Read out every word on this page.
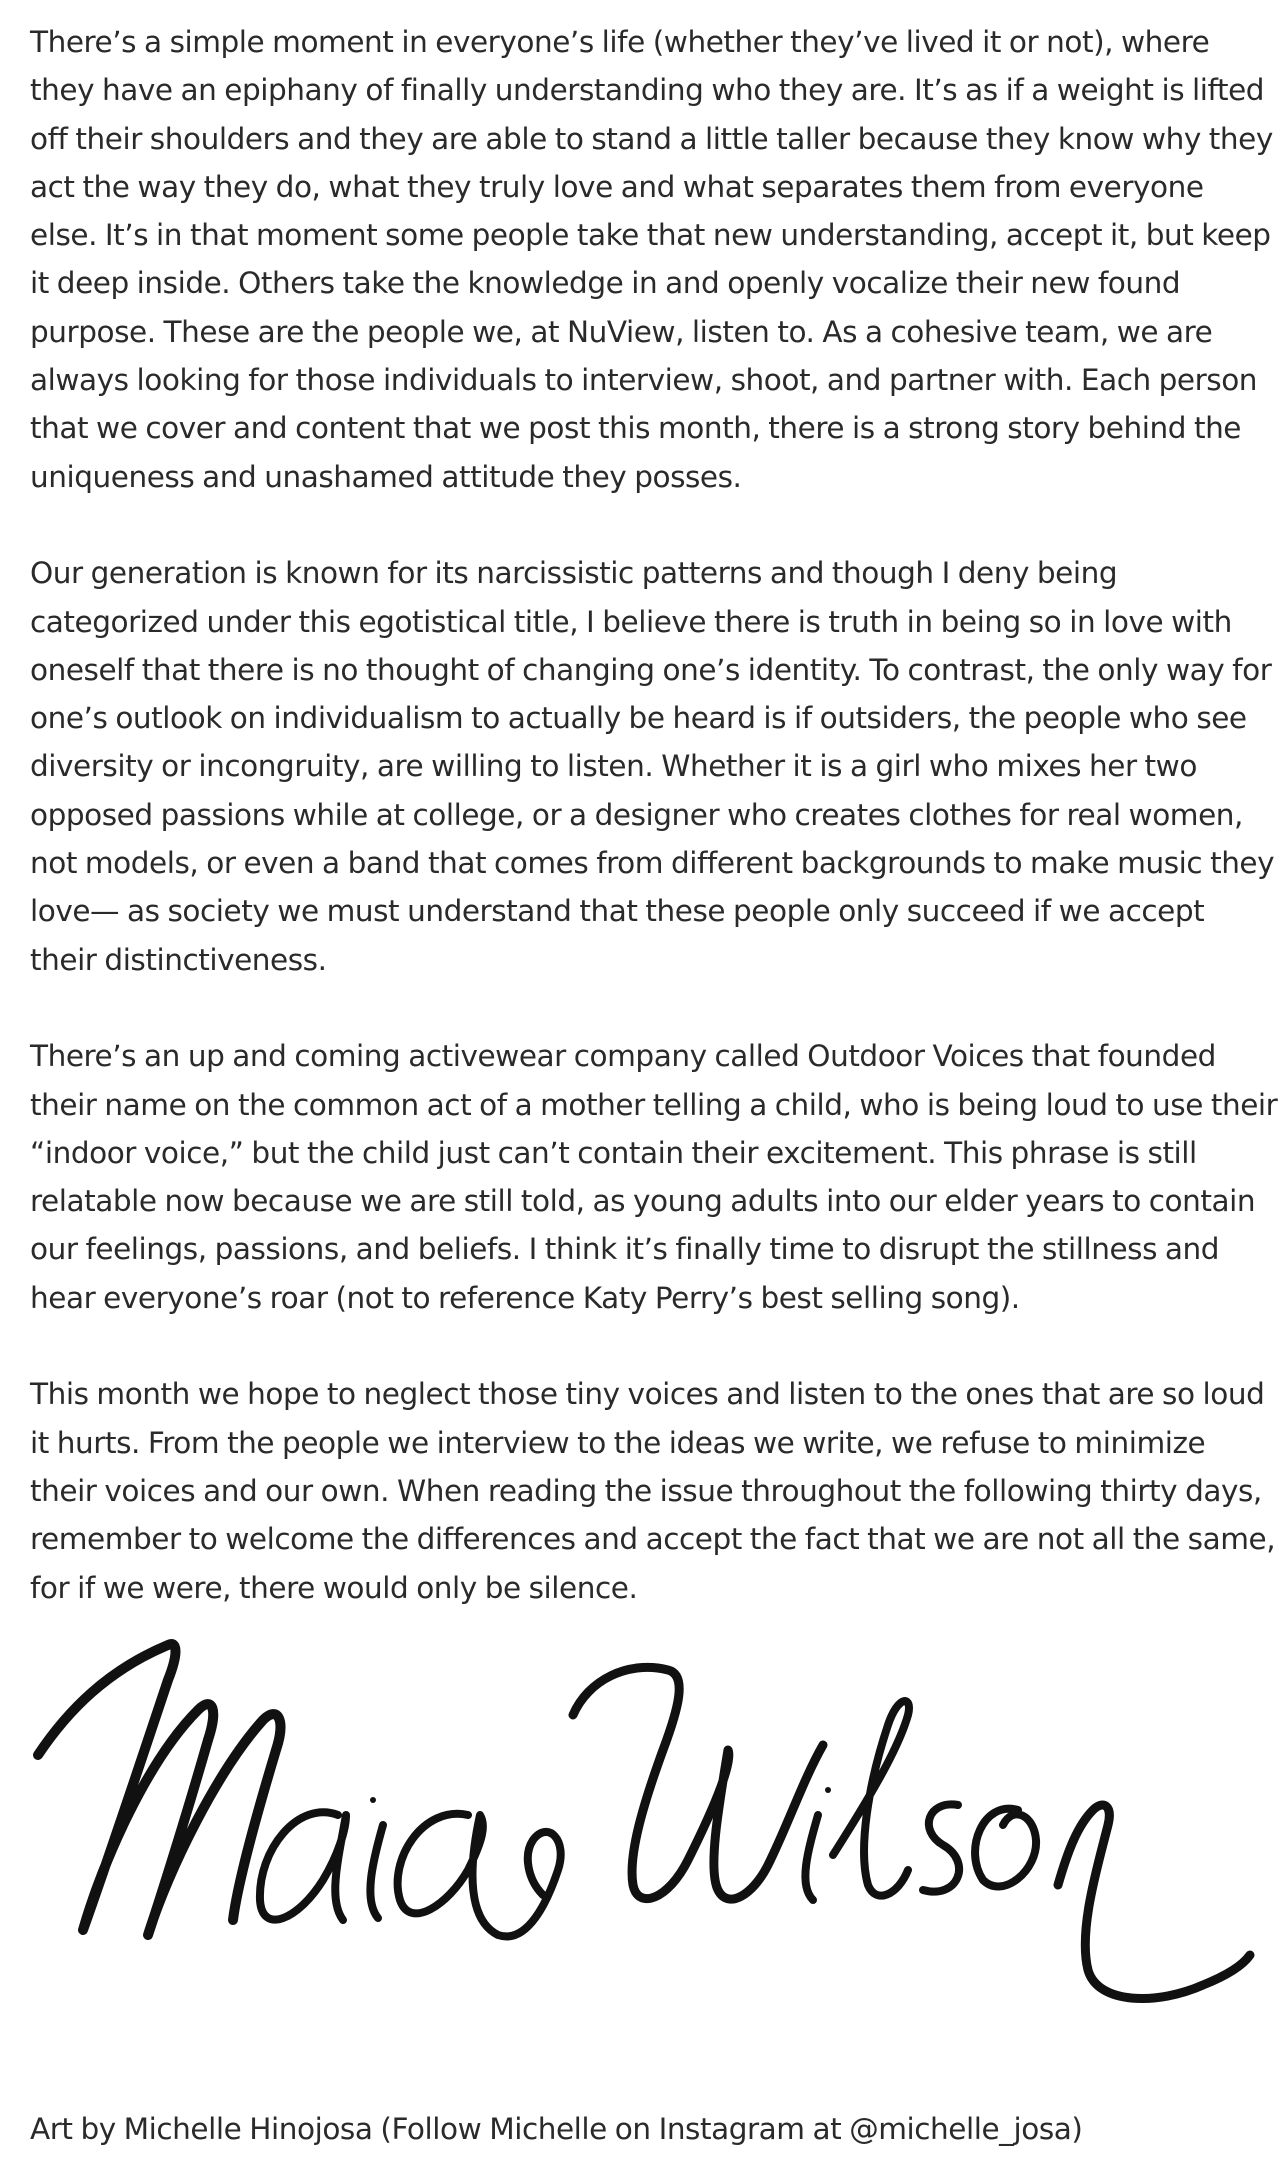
There’s a simple moment in everyone’s life (whether they’ve lived it or not), where they have an epiphany of finally understanding who they are. It’s as if a weight is lifted off their shoulders and they are able to stand a little taller because they know why they act the way they do, what they truly love and what separates them from everyone else. It’s in that moment some people take that new understanding, accept it, but keep it deep inside. Others take the knowledge in and openly vocalize their new found purpose. These are the people we, at NuView, listen to. As a cohesive team, we are always looking for those individuals to interview, shoot, and partner with. Each person that we cover and content that we post this month, there is a strong story behind the uniqueness and unashamed attitude they posses.

Our generation is known for its narcissistic patterns and though I deny being categorized under this egotistical title, I believe there is truth in being so in love with oneself that there is no thought of changing one’s identity. To contrast, the only way for one’s outlook on individualism to actually be heard is if outsiders, the people who see diversity or incongruity, are willing to listen. Whether it is a girl who mixes her two opposed passions while at college, or a designer who creates clothes for real women, not models, or even a band that comes from different backgrounds to make music they love— as society we must understand that these people only succeed if we accept their distinctiveness.

There’s an up and coming activewear company called Outdoor Voices that founded their name on the common act of a mother telling a child, who is being loud to use their “indoor voice,” but the child just can’t contain their excitement. This phrase is still relatable now because we are still told, as young adults into our elder years to contain our feelings, passions, and beliefs. I think it’s finally time to disrupt the stillness and hear everyone’s roar (not to reference Katy Perry’s best selling song).

This month we hope to neglect those tiny voices and listen to the ones that are so loud it hurts. From the people we interview to the ideas we write, we refuse to minimize their voices and our own. When reading the issue throughout the following thirty days, remember to welcome the differences and accept the fact that we are not all the same, for if we were, there would only be silence.

Art by Michelle Hinojosa (Follow Michelle on Instagram at @michelle_josa)
